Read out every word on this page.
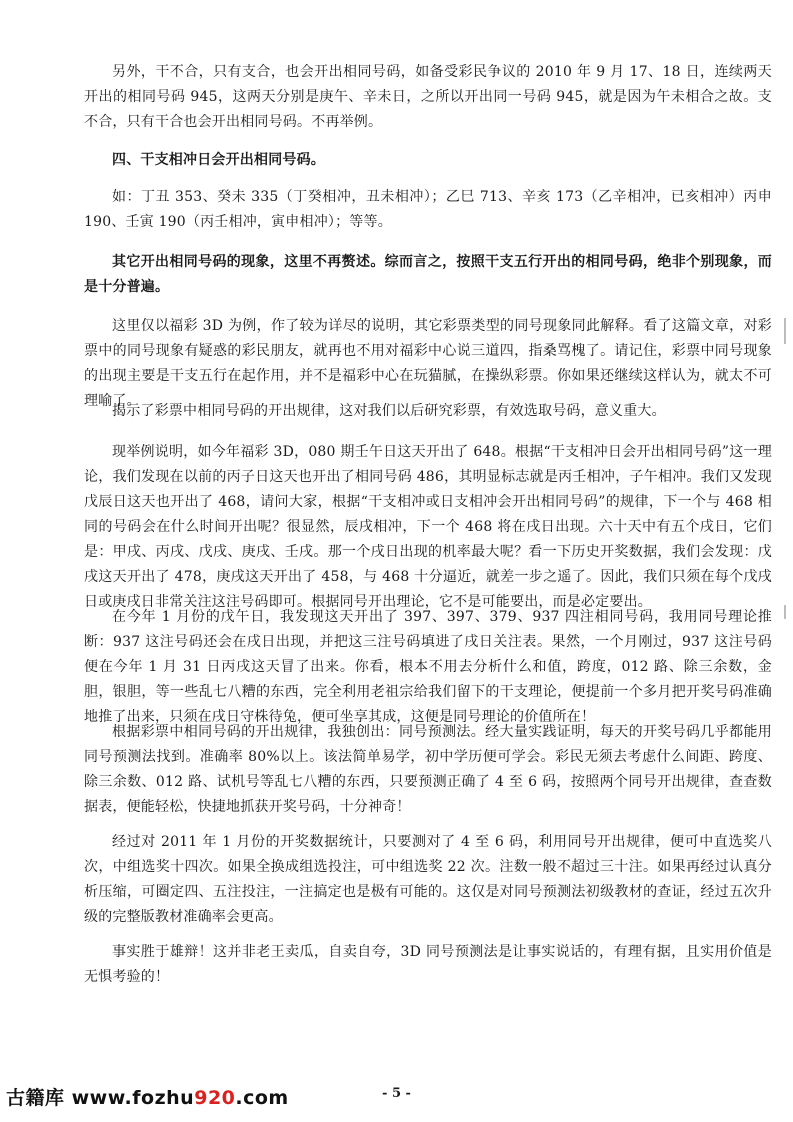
另外，干不合，只有支合，也会开出相同号码，如备受彩民争议的 2010 年 9 月 17、18 日，连续两天开出的相同号码 945，这两天分别是庚午、辛未日，之所以开出同一号码 945，就是因为午未相合之故。支不合，只有干合也会开出相同号码。不再举例。

四、干支相冲日会开出相同号码。

如：丁丑 353、癸未 335（丁癸相冲，丑未相冲）；乙巳 713、辛亥 173（乙辛相冲，已亥相冲）丙申 190、壬寅 190（丙壬相冲，寅申相冲）；等等。

其它开出相同号码的现象，这里不再赘述。综而言之，按照干支五行开出的相同号码，绝非个别现象，而是十分普遍。

这里仅以福彩 3D 为例，作了较为详尽的说明，其它彩票类型的同号现象同此解释。看了这篇文章，对彩票中的同号现象有疑惑的彩民朋友，就再也不用对福彩中心说三道四，指桑骂槐了。请记住，彩票中同号现象的出现主要是干支五行在起作用，并不是福彩中心在玩猫腻，在操纵彩票。你如果还继续这样认为，就太不可理喻了。

揭示了彩票中相同号码的开出规律，这对我们以后研究彩票，有效选取号码，意义重大。

现举例说明，如今年福彩 3D，080 期壬午日这天开出了 648。根据“干支相冲日会开出相同号码”这一理论，我们发现在以前的丙子日这天也开出了相同号码 486，其明显标志就是丙壬相冲，子午相冲。我们又发现戊辰日这天也开出了 468，请问大家，根据“干支相冲或日支相冲会开出相同号码”的规律，下一个与 468 相同的号码会在什么时间开出呢？很显然，辰戌相冲，下一个 468 将在戌日出现。六十天中有五个戌日，它们是：甲戌、丙戌、戊戌、庚戌、壬戌。那一个戌日出现的机率最大呢？看一下历史开奖数据，我们会发现：戊戌这天开出了 478，庚戌这天开出了 458，与 468 十分逼近，就差一步之遥了。因此，我们只须在每个戊戌日或庚戌日非常关注这注号码即可。根据同号开出理论，它不是可能要出，而是必定要出。

在今年 1 月份的戊午日，我发现这天开出了 397、397、379、937 四注相同号码，我用同号理论推断：937 这注号码还会在戌日出现，并把这三注号码填进了戌日关注表。果然，一个月刚过，937 这注号码便在今年 1 月 31 日丙戌这天冒了出来。你看，根本不用去分析什么和值，跨度，012 路、除三余数，金胆，银胆，等一些乱七八糟的东西，完全利用老祖宗给我们留下的干支理论，便提前一个多月把开奖号码准确地推了出来，只须在戌日守株待兔，便可坐享其成，这便是同号理论的价值所在！

根据彩票中相同号码的开出规律，我独创出：同号预测法。经大量实践证明，每天的开奖号码几乎都能用同号预测法找到。准确率 80%以上。该法简单易学，初中学历便可学会。彩民无须去考虑什么间距、跨度、除三余数、012 路、试机号等乱七八糟的东西，只要预测正确了 4 至 6 码，按照两个同号开出规律，查查数据表，便能轻松，快捷地抓获开奖号码，十分神奇！

经过对 2011 年 1 月份的开奖数据统计，只要测对了 4 至 6 码，利用同号开出规律，便可中直选奖八次，中组选奖十四次。如果全换成组选投注，可中组选奖 22 次。注数一般不超过三十注。如果再经过认真分析压缩，可圈定四、五注投注，一注搞定也是极有可能的。这仅是对同号预测法初级教材的查证，经过五次升级的完整版教材准确率会更高。

事实胜于雄辩！这并非老王卖瓜，自卖自夸，3D 同号预测法是让事实说话的，有理有据，且实用价值是无惧考验的！

- 5 -
古籍库 www.fozhu920.com
